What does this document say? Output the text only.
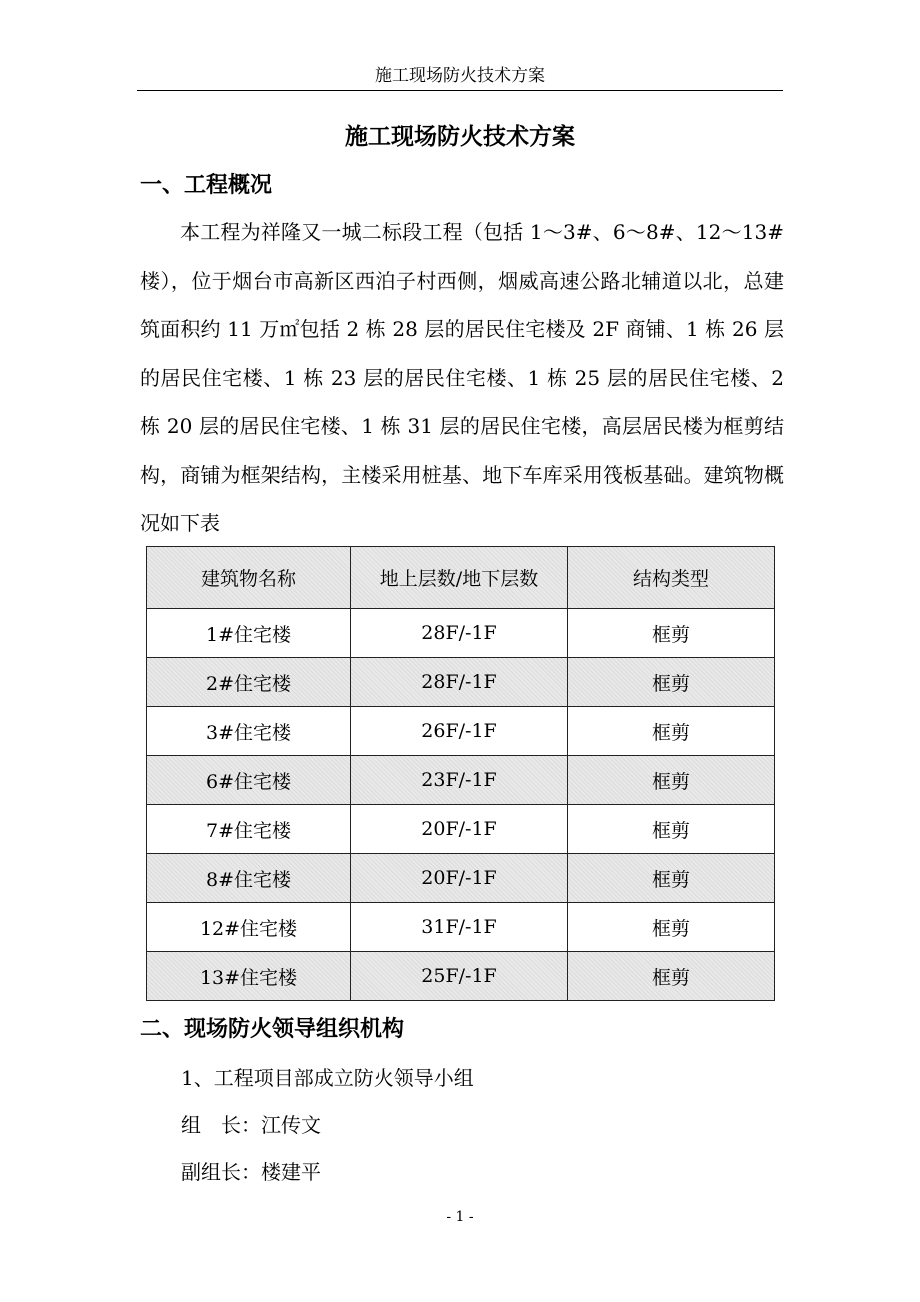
施工现场防火技术方案
施工现场防火技术方案
一、工程概况
本工程为祥隆又一城二标段工程（包括 1～3#、6～8#、12～13#楼），位于烟台市高新区西泊子村西侧，烟威高速公路北辅道以北，总建筑面积约 11 万㎡包括 2 栋 28 层的居民住宅楼及 2F 商铺、1 栋 26 层的居民住宅楼、1 栋 23 层的居民住宅楼、1 栋 25 层的居民住宅楼、2 栋 20 层的居民住宅楼、1 栋 31 层的居民住宅楼，高层居民楼为框剪结构，商铺为框架结构，主楼采用桩基、地下车库采用筏板基础。建筑物概况如下表
建筑物名称	地上层数/地下层数	结构类型
1#住宅楼	28F/-1F	框剪
2#住宅楼	28F/-1F	框剪
3#住宅楼	26F/-1F	框剪
6#住宅楼	23F/-1F	框剪
7#住宅楼	20F/-1F	框剪
8#住宅楼	20F/-1F	框剪
12#住宅楼	31F/-1F	框剪
13#住宅楼	25F/-1F	框剪
二、现场防火领导组织机构
1、工程项目部成立防火领导小组
组　长：江传文
副组长：楼建平
- 1 -
